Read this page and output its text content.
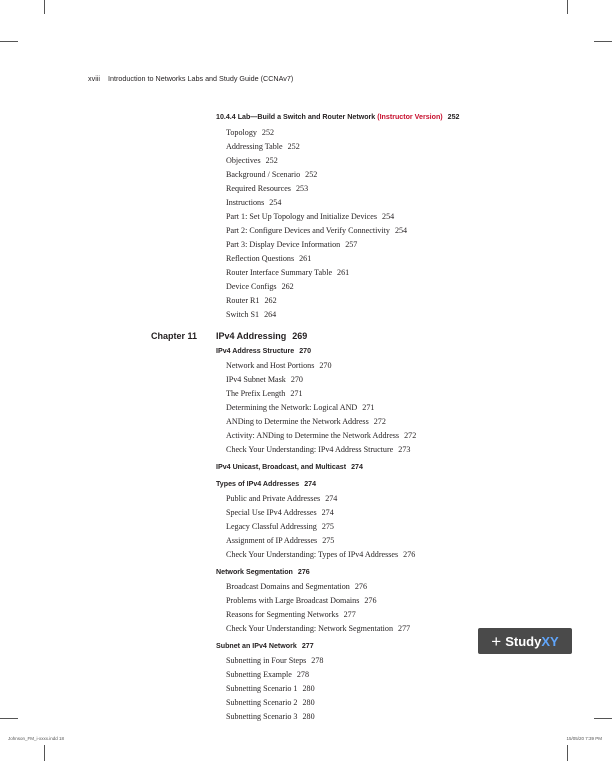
xviii Introduction to Networks Labs and Study Guide (CCNAv7)
10.4.4 Lab—Build a Switch and Router Network (Instructor Version) 252
Topology 252
Addressing Table 252
Objectives 252
Background / Scenario 252
Required Resources 253
Instructions 254
Part 1: Set Up Topology and Initialize Devices 254
Part 2: Configure Devices and Verify Connectivity 254
Part 3: Display Device Information 257
Reflection Questions 261
Router Interface Summary Table 261
Device Configs 262
Router R1 262
Switch S1 264
Chapter 11 IPv4 Addressing 269
IPv4 Address Structure 270
Network and Host Portions 270
IPv4 Subnet Mask 270
The Prefix Length 271
Determining the Network: Logical AND 271
ANDing to Determine the Network Address 272
Activity: ANDing to Determine the Network Address 272
Check Your Understanding: IPv4 Address Structure 273
IPv4 Unicast, Broadcast, and Multicast 274
Types of IPv4 Addresses 274
Public and Private Addresses 274
Special Use IPv4 Addresses 274
Legacy Classful Addressing 275
Assignment of IP Addresses 275
Check Your Understanding: Types of IPv4 Addresses 276
Network Segmentation 276
Broadcast Domains and Segmentation 276
Problems with Large Broadcast Domains 276
Reasons for Segmenting Networks 277
Check Your Understanding: Network Segmentation 277
Subnet an IPv4 Network 277
Subnetting in Four Steps 278
Subnetting Example 278
Subnetting Scenario 1 280
Subnetting Scenario 2 280
Subnetting Scenario 3 280
+ Study XY
Johnson_FM_i-xxxx.indd 18	15/05/20 7:39 PM
